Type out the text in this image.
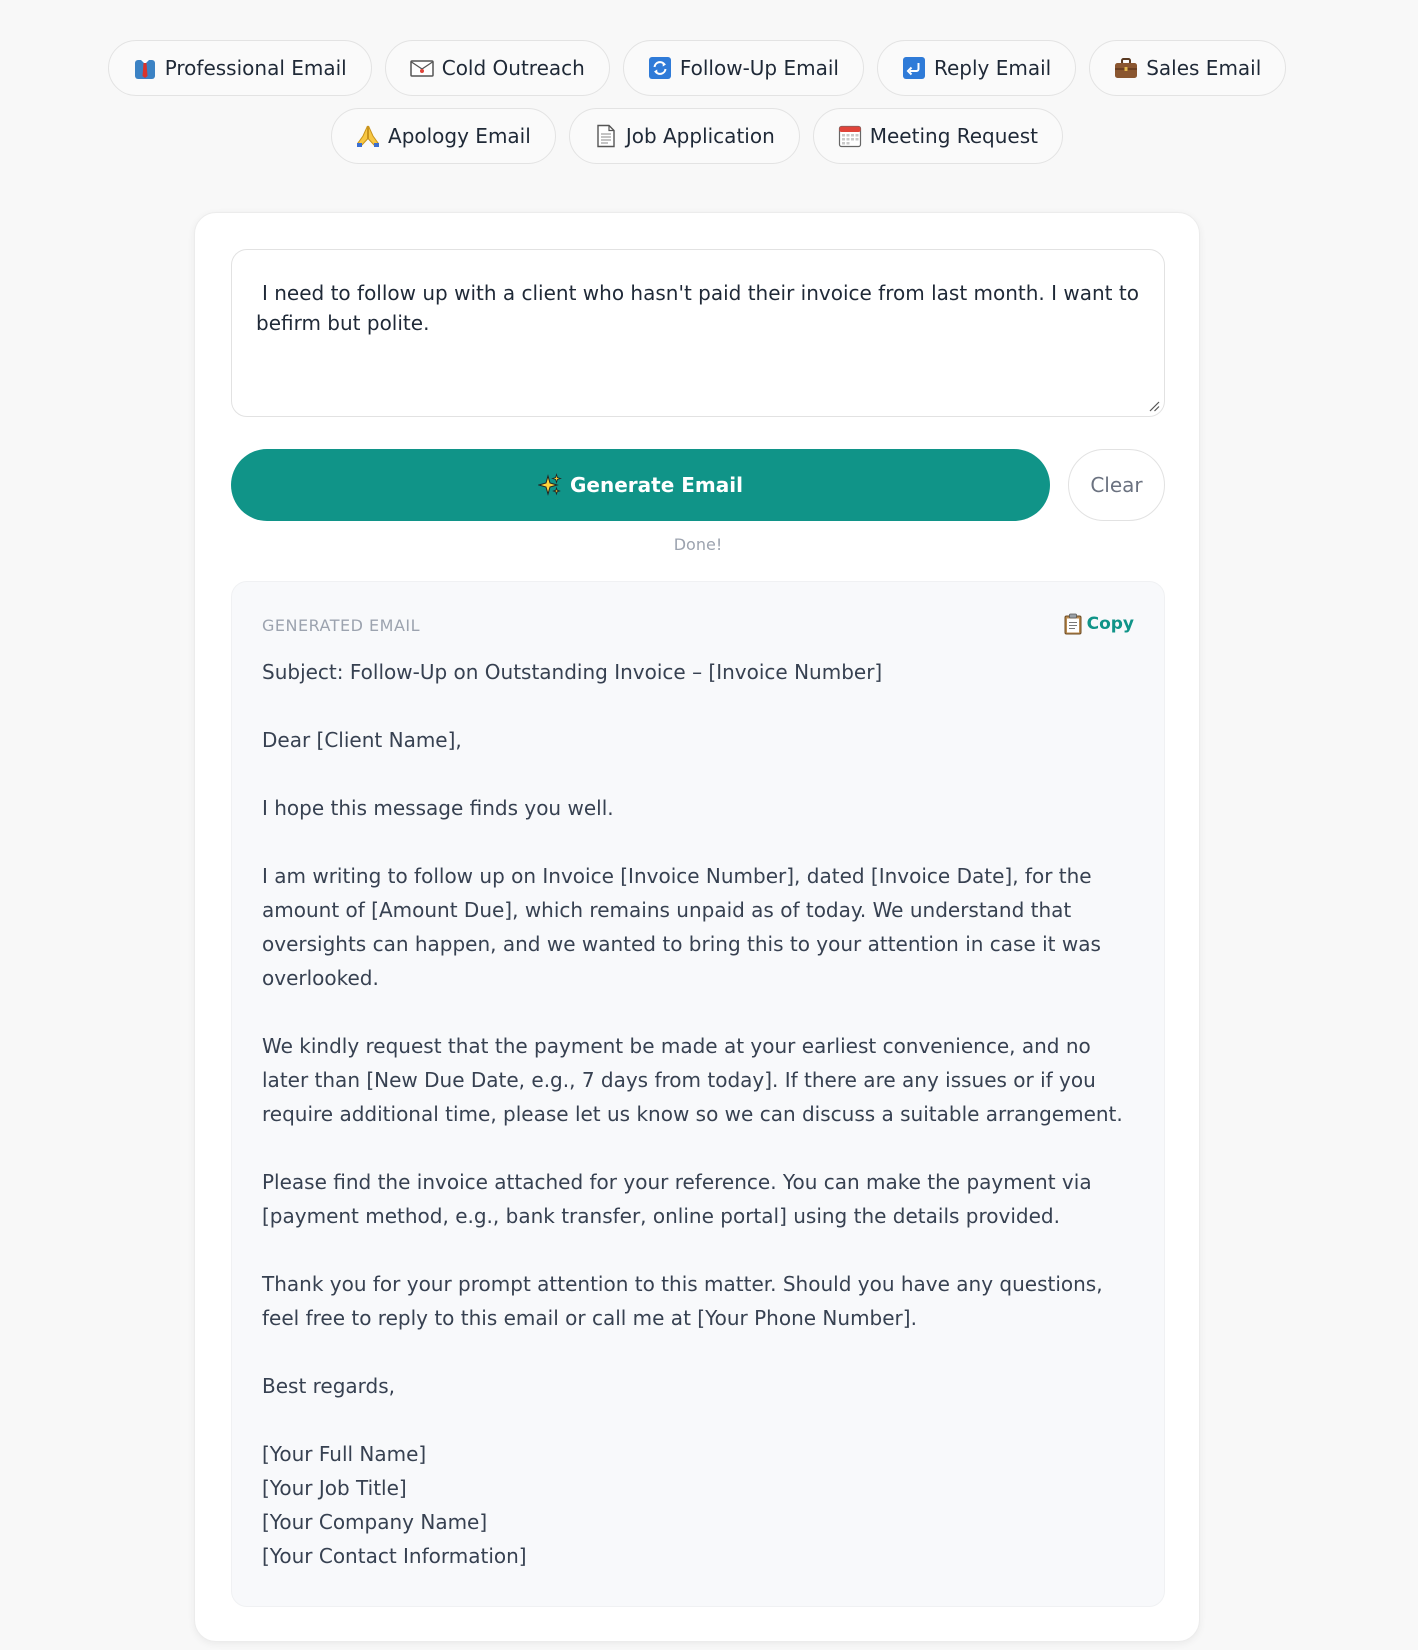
Professional Email	Cold Outreach	Follow-Up Email	Reply Email	Sales Email
Apology Email	Job Application	Meeting Request
I need to follow up with a client who hasn't paid their invoice from last month. I want to befirm but polite.
Generate Email	Clear
Done!
GENERATED EMAIL	Copy
Subject: Follow-Up on Outstanding Invoice – [Invoice Number]

Dear [Client Name],

I hope this message finds you well.

I am writing to follow up on Invoice [Invoice Number], dated [Invoice Date], for the amount of [Amount Due], which remains unpaid as of today. We understand that oversights can happen, and we wanted to bring this to your attention in case it was overlooked.

We kindly request that the payment be made at your earliest convenience, and no later than [New Due Date, e.g., 7 days from today]. If there are any issues or if you require additional time, please let us know so we can discuss a suitable arrangement.

Please find the invoice attached for your reference. You can make the payment via [payment method, e.g., bank transfer, online portal] using the details provided.

Thank you for your prompt attention to this matter. Should you have any questions, feel free to reply to this email or call me at [Your Phone Number].

Best regards,

[Your Full Name]
[Your Job Title]
[Your Company Name]
[Your Contact Information]
